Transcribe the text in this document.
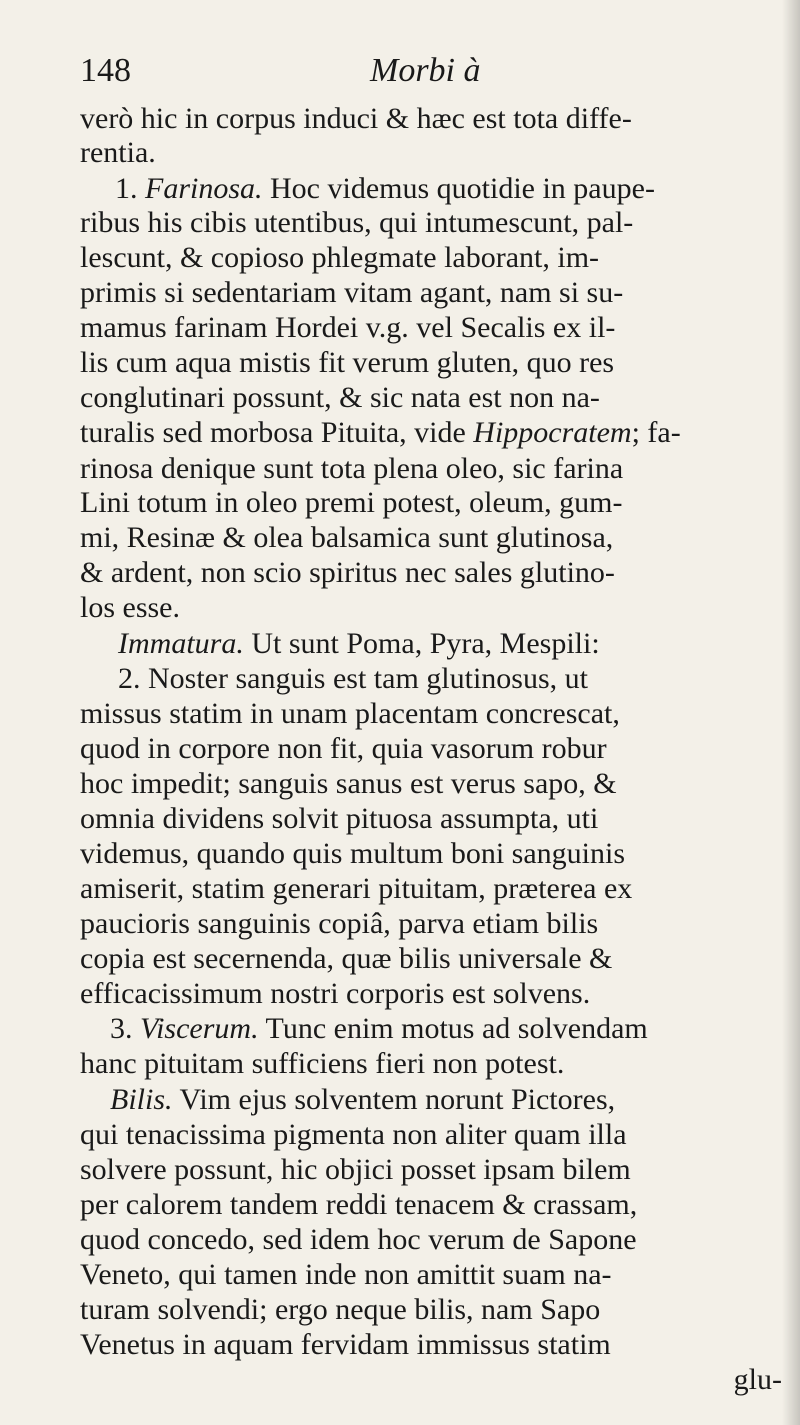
148	Morbi à
verò hic in corpus induci & hæc est tota diffe-
rentia.
1. Farinosa. Hoc videmus quotidie in paupe-
ribus his cibis utentibus, qui intumescunt, pal-
lescunt, & copioso phlegmate laborant, im-
primis si sedentariam vitam agant, nam si su-
mamus farinam Hordei v.g. vel Secalis ex il-
lis cum aqua mistis fit verum gluten, quo res
conglutinari possunt, & sic nata est non na-
turalis sed morbosa Pituita, vide Hippocratem; fa-
rinosa denique sunt tota plena oleo, sic farina
Lini totum in oleo premi potest, oleum, gum-
mi, Resinæ & olea balsamica sunt glutinosa,
& ardent, non scio spiritus nec sales glutino-
los esse.
Immatura. Ut sunt Poma, Pyra, Mespili:
2. Noster sanguis est tam glutinosus, ut
missus statim in unam placentam concrescat,
quod in corpore non fit, quia vasorum robur
hoc impedit; sanguis sanus est verus sapo, &
omnia dividens solvit pituosa assumpta, uti
videmus, quando quis multum boni sanguinis
amiserit, statim generari pituitam, præterea ex
paucioris sanguinis copiâ, parva etiam bilis
copia est secernenda, quæ bilis universale &
efficacissimum nostri corporis est solvens.
3. Viscerum. Tunc enim motus ad solvendam
hanc pituitam sufficiens fieri non potest.
Bilis. Vim ejus solventem norunt Pictores,
qui tenacissima pigmenta non aliter quam illa
solvere possunt, hic objici posset ipsam bilem
per calorem tandem reddi tenacem & crassam,
quod concedo, sed idem hoc verum de Sapone
Veneto, qui tamen inde non amittit suam na-
turam solvendi; ergo neque bilis, nam Sapo
Venetus in aquam fervidam immissus statim
glu-
